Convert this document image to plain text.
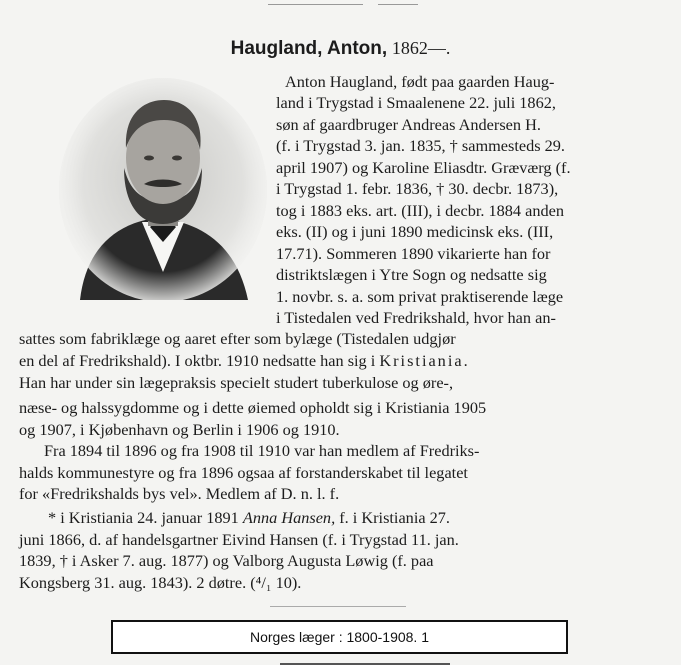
Haugland, Anton, 1862—.
Anton Haugland, født paa gaarden Haug-
land i Trygstad i Smaalenene 22. juli 1862,
søn af gaardbruger Andreas Andersen H.
(f. i Trygstad 3. jan. 1835, † sammesteds 29.
april 1907) og Karoline Eliasdtr. Græværg (f.
i Trygstad 1. febr. 1836, † 30. decbr. 1873),
tog i 1883 eks. art. (III), i decbr. 1884 anden
eks. (II) og i juni 1890 medicinsk eks. (III,
17.71). Sommeren 1890 vikarierte han for
distriktslægen i Ytre Sogn og nedsatte sig
1. novbr. s. a. som privat praktiserende læge
i Tistedalen ved Fredrikshald, hvor han an-
sattes som fabriklæge og aaret efter som bylæge (Tistedalen udgjør
en del af Fredrikshald). I oktbr. 1910 nedsatte han sig i Kristiania.
Han har under sin lægepraksis specielt studert tuberkulose og øre-,
næse- og halssygdomme og i dette øiemed opholdt sig i Kristiania 1905
og 1907, i Kjøbenhavn og Berlin i 1906 og 1910.
Fra 1894 til 1896 og fra 1908 til 1910 var han medlem af Fredriks-
halds kommunestyre og fra 1896 ogsaa af forstanderskabet til legatet
for «Fredrikshalds bys vel». Medlem af D. n. l. f.
* i Kristiania 24. januar 1891 Anna Hansen, f. i Kristiania 27.
juni 1866, d. af handelsgartner Eivind Hansen (f. i Trygstad 11. jan.
1839, † i Asker 7. aug. 1877) og Valborg Augusta Løwig (f. paa
Kongsberg 31. aug. 1843). 2 døtre. (⁴/₁ 10).
Norges læger : 1800-1908. 1
